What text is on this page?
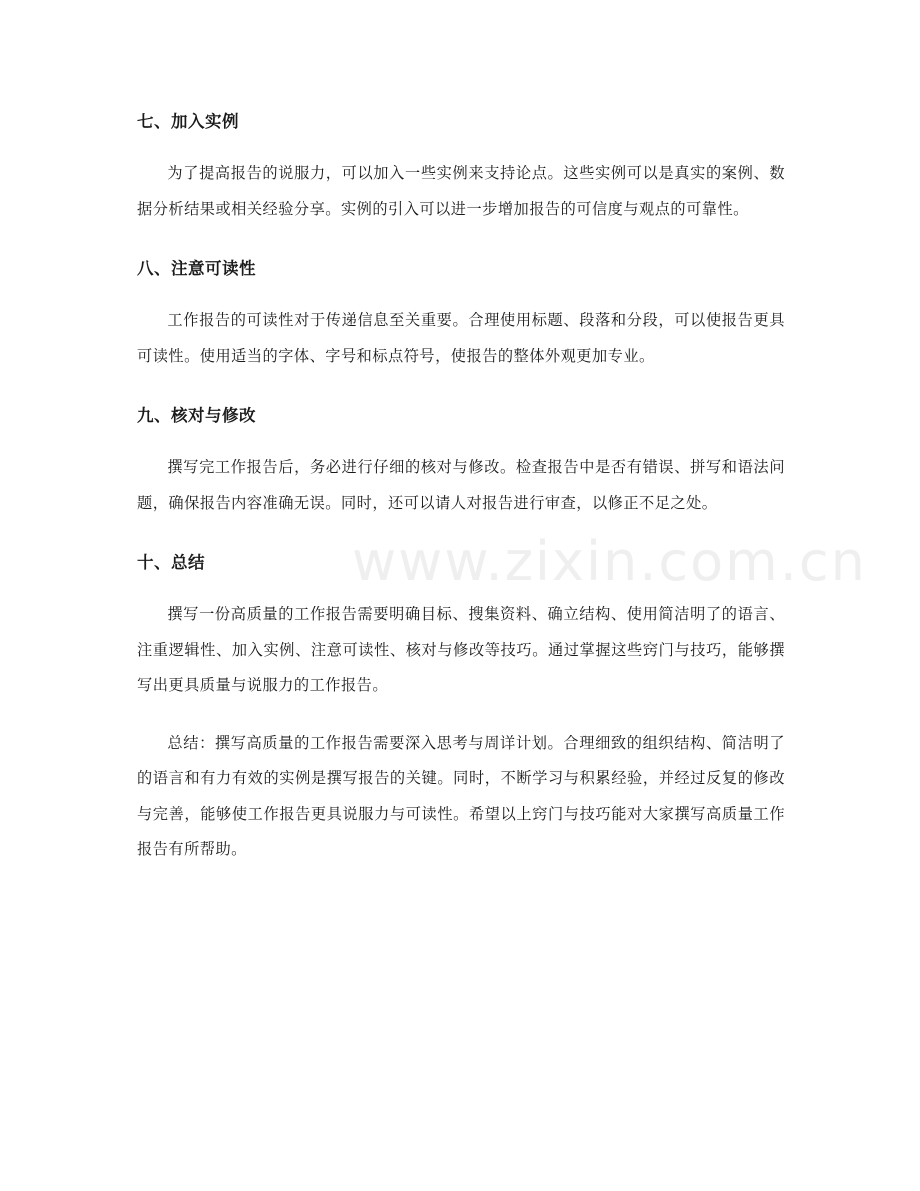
七、加入实例

为了提高报告的说服力，可以加入一些实例来支持论点。这些实例可以是真实的案例、数据分析结果或相关经验分享。实例的引入可以进一步增加报告的可信度与观点的可靠性。

八、注意可读性

工作报告的可读性对于传递信息至关重要。合理使用标题、段落和分段，可以使报告更具可读性。使用适当的字体、字号和标点符号，使报告的整体外观更加专业。

九、核对与修改

撰写完工作报告后，务必进行仔细的核对与修改。检查报告中是否有错误、拼写和语法问题，确保报告内容准确无误。同时，还可以请人对报告进行审查，以修正不足之处。

十、总结

撰写一份高质量的工作报告需要明确目标、搜集资料、确立结构、使用简洁明了的语言、注重逻辑性、加入实例、注意可读性、核对与修改等技巧。通过掌握这些窍门与技巧，能够撰写出更具质量与说服力的工作报告。

总结：撰写高质量的工作报告需要深入思考与周详计划。合理细致的组织结构、简洁明了的语言和有力有效的实例是撰写报告的关键。同时，不断学习与积累经验，并经过反复的修改与完善，能够使工作报告更具说服力与可读性。希望以上窍门与技巧能对大家撰写高质量工作报告有所帮助。

www.zixin.com.cn
